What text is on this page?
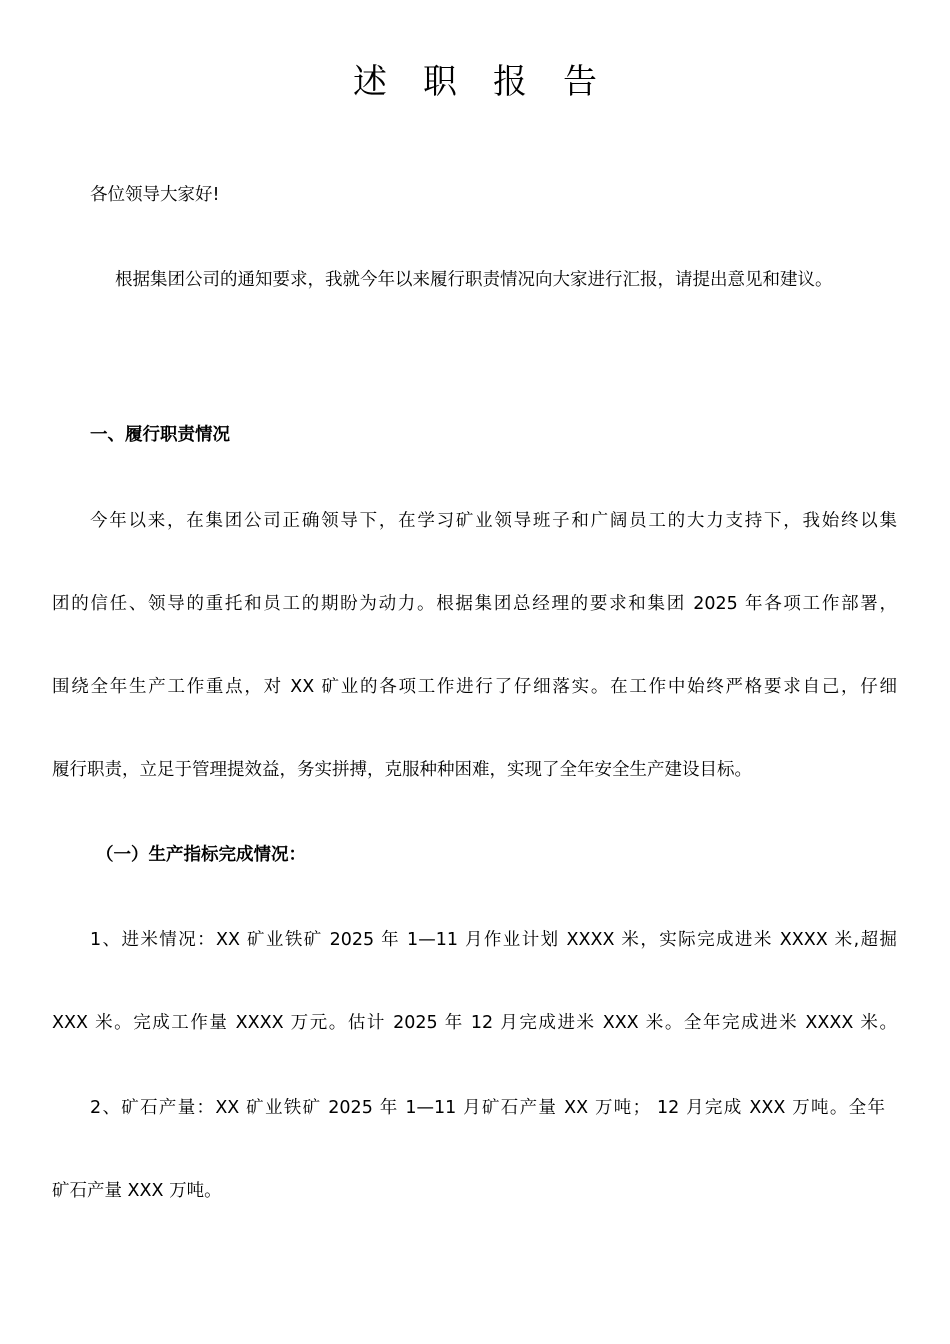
述职报告
各位领导大家好!
根据集团公司的通知要求，我就今年以来履行职责情况向大家进行汇报，请提出意见和建议。
一、履行职责情况
今年以来，在集团公司正确领导下，在学习矿业领导班子和广阔员工的大力支持下，我始终以集
团的信任、领导的重托和员工的期盼为动力。根据集团总经理的要求和集团 2025 年各项工作部署，
围绕全年生产工作重点，对 XX 矿业的各项工作进行了仔细落实。在工作中始终严格要求自己，仔细
履行职责，立足于管理提效益，务实拼搏，克服种种困难，实现了全年安全生产建设目标。
（一）生产指标完成情况：
1、进米情况：XX 矿业铁矿 2025 年 1—11 月作业计划 XXXX 米，实际完成进米 XXXX 米,超掘
XXX 米。完成工作量 XXXX 万元。估计 2025 年 12 月完成进米 XXX 米。全年完成进米 XXXX 米。
2、矿石产量：XX 矿业铁矿 2025 年 1—11 月矿石产量 XX 万吨； 12 月完成 XXX 万吨。全年
矿石产量 XXX 万吨。
